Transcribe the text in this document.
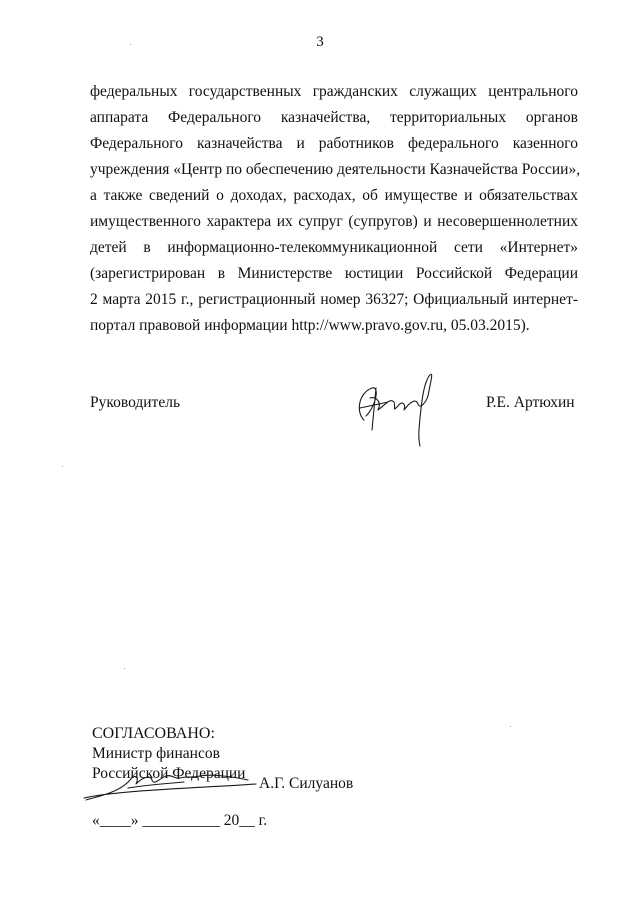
3
федеральных государственных гражданских служащих центрального
аппарата Федерального казначейства, территориальных органов
Федерального казначейства и работников федерального казенного
учреждения «Центр по обеспечению деятельности Казначейства России»,
а также сведений о доходах, расходах, об имуществе и обязательствах
имущественного характера их супруг (супругов) и несовершеннолетних
детей в информационно-телекоммуникационной сети «Интернет»
(зарегистрирован в Министерстве юстиции Российской Федерации
2 марта 2015 г., регистрационный номер 36327; Официальный интернет-
портал правовой информации http://www.pravo.gov.ru, 05.03.2015).
Руководитель	Р.Е. Артюхин
СОГЛАСОВАНО:
Министр финансов
Российской Федерации
А.Г. Силуанов
«____» __________ 20__ г.
